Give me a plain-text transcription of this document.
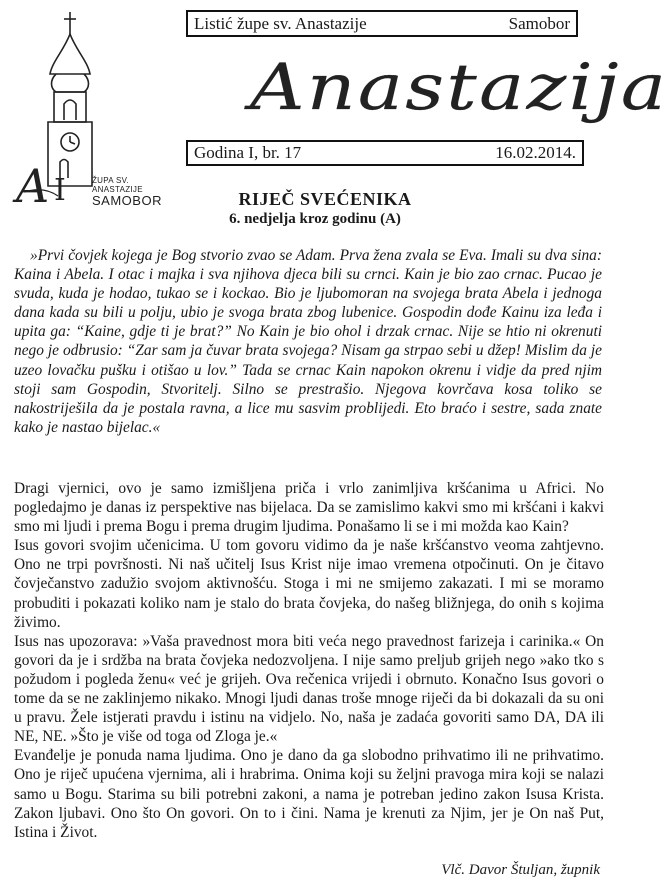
A I	ŽUPA SV.
ANASTAZIJE
SAMOBOR
Listić župe sv. Anastazije	Samobor
Anastazija
Godina I, br. 17	16.02.2014.
RIJEČ SVEĆENIKA
6. nedjelja kroz godinu (A)
»Prvi čovjek kojega je Bog stvorio zvao se Adam. Prva žena zvala se Eva. Imali su dva sina: Kaina i Abela. I otac i majka i sva njihova djeca bili su crnci. Kain je bio zao crnac. Pucao je svuda, kuda je hodao, tukao se i kockao. Bio je ljubomoran na svojega brata Abela i jednoga dana kada su bili u polju, ubio je svoga brata zbog lubenice. Gospodin dođe Kainu iza leđa i upita ga: “Kaine, gdje ti je brat?” No Kain je bio ohol i drzak crnac. Nije se htio ni okrenuti nego je odbrusio: “Zar sam ja čuvar brata svojega? Nisam ga strpao sebi u džep! Mislim da je uzeo lovačku pušku i otišao u lov.” Tada se crnac Kain napokon okrenu i vidje da pred njim stoji sam Gospodin, Stvoritelj. Silno se prestrašio. Njegova kovrčava kosa toliko se nakostriješila da je postala ravna, a lice mu sasvim problijedi. Eto braćo i sestre, sada znate kako je nastao bijelac.«

Dragi vjernici, ovo je samo izmišljena priča i vrlo zanimljiva kršćanima u Africi. No pogledajmo je danas iz perspektive nas bijelaca. Da se zamislimo kakvi smo mi kršćani i kakvi smo mi ljudi i prema Bogu i prema drugim ljudima. Ponašamo li se i mi možda kao Kain?

Isus govori svojim učenicima. U tom govoru vidimo da je naše kršćanstvo veoma zahtjevno. Ono ne trpi površnosti. Ni naš učitelj Isus Krist nije imao vremena otpočinuti. On je čitavo čovječanstvo zadužio svojom aktivnošću. Stoga i mi ne smijemo zakazati. I mi se moramo probuditi i pokazati koliko nam je stalo do brata čovjeka, do našeg bližnjega, do onih s kojima živimo.

Isus nas upozorava: »Vaša pravednost mora biti veća nego pravednost farizeja i carinika.« On govori da je i srdžba na brata čovjeka nedozvoljena. I nije samo preljub grijeh nego »ako tko s požudom i pogleda ženu« već je grijeh. Ova rečenica vrijedi i obrnuto. Konačno Isus govori o tome da se ne zaklinjemo nikako. Mnogi ljudi danas troše mnoge riječi da bi dokazali da su oni u pravu. Žele istjerati pravdu i istinu na vidjelo. No, naša je zadaća govoriti samo DA, DA ili NE, NE. »Što je više od toga od Zloga je.«

Evanđelje je ponuda nama ljudima. Ono je dano da ga slobodno prihvatimo ili ne prihvatimo. Ono je riječ upućena vjernima, ali i hrabrima. Onima koji su željni pravoga mira koji se nalazi samo u Bogu. Starima su bili potrebni zakoni, a nama je potreban jedino zakon Isusa Krista. Zakon ljubavi. Ono što On govori. On to i čini. Nama je krenuti za Njim, jer je On naš Put, Istina i Život.

Vlč. Davor Štuljan, župnik
